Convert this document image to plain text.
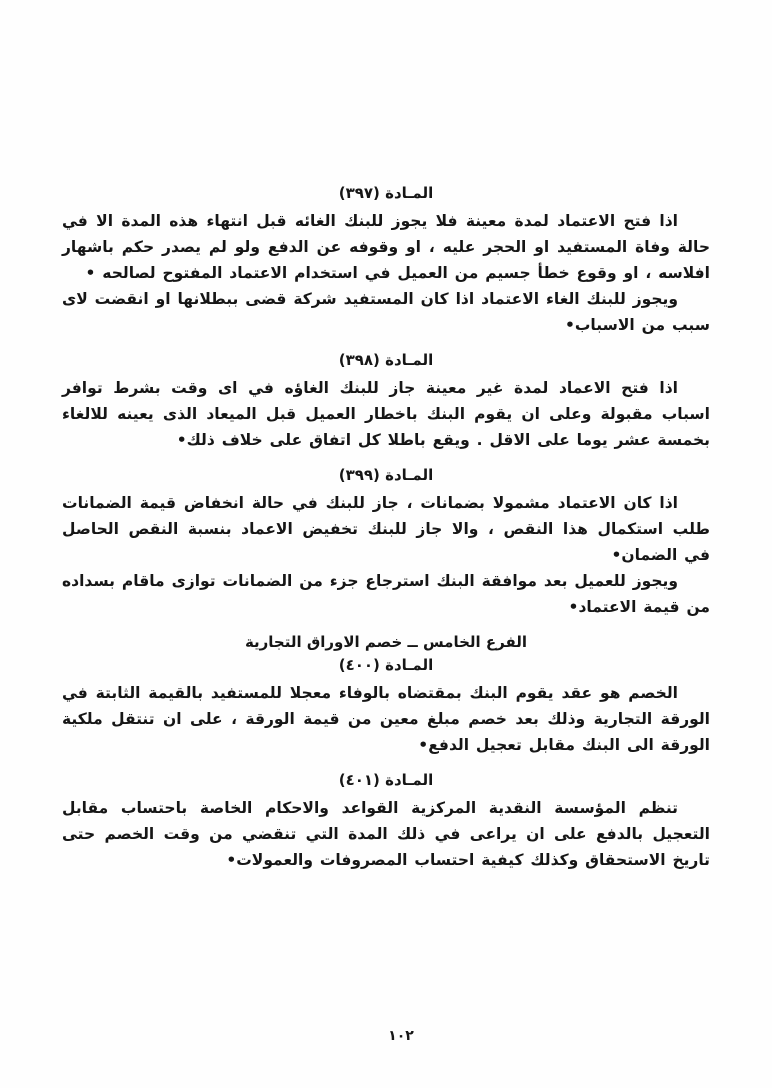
المـادة (٣٩٧)

اذا فتح الاعتماد لمدة معينة فلا يجوز للبنك الغائه قبل انتهاء هذه المدة الا في حالة وفاة المستفيد او الحجر عليه ، او وقوفه عن الدفع ولو لم يصدر حكم باشهار افلاسه ، او وقوع خطأ جسيم من العميل في استخدام الاعتماد المفتوح لصالحه •

ويجوز للبنك الغاء الاعتماد اذا كان المستفيد شركة قضى ببطلانها او انقضت لاى سبب من الاسباب•

المـادة (٣٩٨)

اذا فتح الاعماد لمدة غير معينة جاز للبنك الغاؤه في اى وقت بشرط توافر اسباب مقبولة وعلى ان يقوم البنك باخطار العميل قبل الميعاد الذى يعينه للالغاء بخمسة عشر يوما على الاقل . ويقع باطلا كل اتفاق على خلاف ذلك•

المـادة (٣٩٩)

اذا كان الاعتماد مشمولا بضمانات ، جاز للبنك في حالة انخفاض قيمة الضمانات طلب استكمال هذا النقص ، والا جاز للبنك تخفيض الاعماد بنسبة النقص الحاصل في الضمان•

ويجوز للعميل بعد موافقة البنك استرجاع جزء من الضمانات توازى ماقام بسداده من قيمة الاعتماد•

الفرع الخامس ــ خصم الاوراق التجارية
المـادة (٤٠٠)

الخصم هو عقد يقوم البنك بمقتضاه بالوفاء معجلا للمستفيد بالقيمة الثابتة في الورقة التجارية وذلك بعد خصم مبلغ معين من قيمة الورقة ، على ان تنتقل ملكية الورقة الى البنك مقابل تعجيل الدفع•

المـادة (٤٠١)

تنظم المؤسسة النقدية المركزية القواعد والاحكام الخاصة باحتساب مقابل التعجيل بالدفع على ان يراعى في ذلك المدة التي تنقضي من وقت الخصم حتى تاريخ الاستحقاق وكذلك كيفية احتساب المصروفات والعمولات•

١٠٢
